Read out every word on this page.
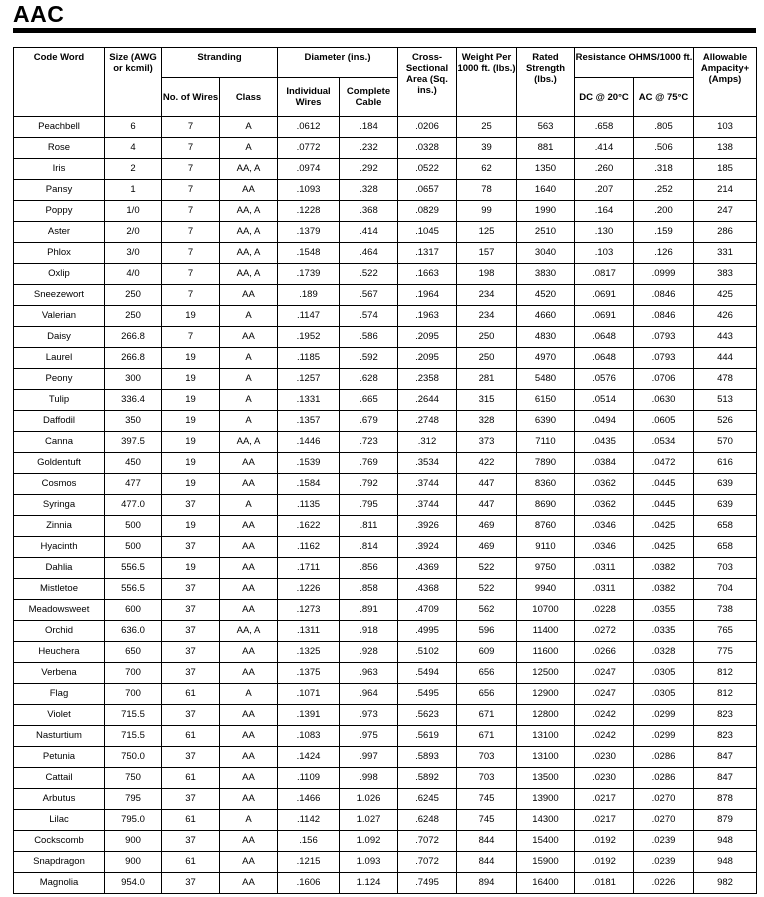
AAC
Code Word	Size (AWG or kcmil)	Stranding		Diameter (ins.)		Cross-Sectional Area (Sq. ins.)	Weight Per 1000 ft. (lbs.)	Rated Strength (lbs.)	Resistance OHMS/1000 ft.		Allowable Ampacity+ (Amps)
		No. of Wires	Class	Individual Wires	Complete Cable				DC @ 20°C	AC @ 75°C	
Peachbell	6	7	A	.0612	.184	.0206	25	563	.658	.805	103
Rose	4	7	A	.0772	.232	.0328	39	881	.414	.506	138
Iris	2	7	AA, A	.0974	.292	.0522	62	1350	.260	.318	185
Pansy	1	7	AA	.1093	.328	.0657	78	1640	.207	.252	214
Poppy	1/0	7	AA, A	.1228	.368	.0829	99	1990	.164	.200	247
Aster	2/0	7	AA, A	.1379	.414	.1045	125	2510	.130	.159	286
Phlox	3/0	7	AA, A	.1548	.464	.1317	157	3040	.103	.126	331
Oxlip	4/0	7	AA, A	.1739	.522	.1663	198	3830	.0817	.0999	383
Sneezewort	250	7	AA	.189	.567	.1964	234	4520	.0691	.0846	425
Valerian	250	19	A	.1147	.574	.1963	234	4660	.0691	.0846	426
Daisy	266.8	7	AA	.1952	.586	.2095	250	4830	.0648	.0793	443
Laurel	266.8	19	A	.1185	.592	.2095	250	4970	.0648	.0793	444
Peony	300	19	A	.1257	.628	.2358	281	5480	.0576	.0706	478
Tulip	336.4	19	A	.1331	.665	.2644	315	6150	.0514	.0630	513
Daffodil	350	19	A	.1357	.679	.2748	328	6390	.0494	.0605	526
Canna	397.5	19	AA, A	.1446	.723	.312	373	7110	.0435	.0534	570
Goldentuft	450	19	AA	.1539	.769	.3534	422	7890	.0384	.0472	616
Cosmos	477	19	AA	.1584	.792	.3744	447	8360	.0362	.0445	639
Syringa	477.0	37	A	.1135	.795	.3744	447	8690	.0362	.0445	639
Zinnia	500	19	AA	.1622	.811	.3926	469	8760	.0346	.0425	658
Hyacinth	500	37	AA	.1162	.814	.3924	469	9110	.0346	.0425	658
Dahlia	556.5	19	AA	.1711	.856	.4369	522	9750	.0311	.0382	703
Mistletoe	556.5	37	AA	.1226	.858	.4368	522	9940	.0311	.0382	704
Meadowsweet	600	37	AA	.1273	.891	.4709	562	10700	.0228	.0355	738
Orchid	636.0	37	AA, A	.1311	.918	.4995	596	11400	.0272	.0335	765
Heuchera	650	37	AA	.1325	.928	.5102	609	11600	.0266	.0328	775
Verbena	700	37	AA	.1375	.963	.5494	656	12500	.0247	.0305	812
Flag	700	61	A	.1071	.964	.5495	656	12900	.0247	.0305	812
Violet	715.5	37	AA	.1391	.973	.5623	671	12800	.0242	.0299	823
Nasturtium	715.5	61	AA	.1083	.975	.5619	671	13100	.0242	.0299	823
Petunia	750.0	37	AA	.1424	.997	.5893	703	13100	.0230	.0286	847
Cattail	750	61	AA	.1109	.998	.5892	703	13500	.0230	.0286	847
Arbutus	795	37	AA	.1466	1.026	.6245	745	13900	.0217	.0270	878
Lilac	795.0	61	A	.1142	1.027	.6248	745	14300	.0217	.0270	879
Cockscomb	900	37	AA	.156	1.092	.7072	844	15400	.0192	.0239	948
Snapdragon	900	61	AA	.1215	1.093	.7072	844	15900	.0192	.0239	948
Magnolia	954.0	37	AA	.1606	1.124	.7495	894	16400	.0181	.0226	982
